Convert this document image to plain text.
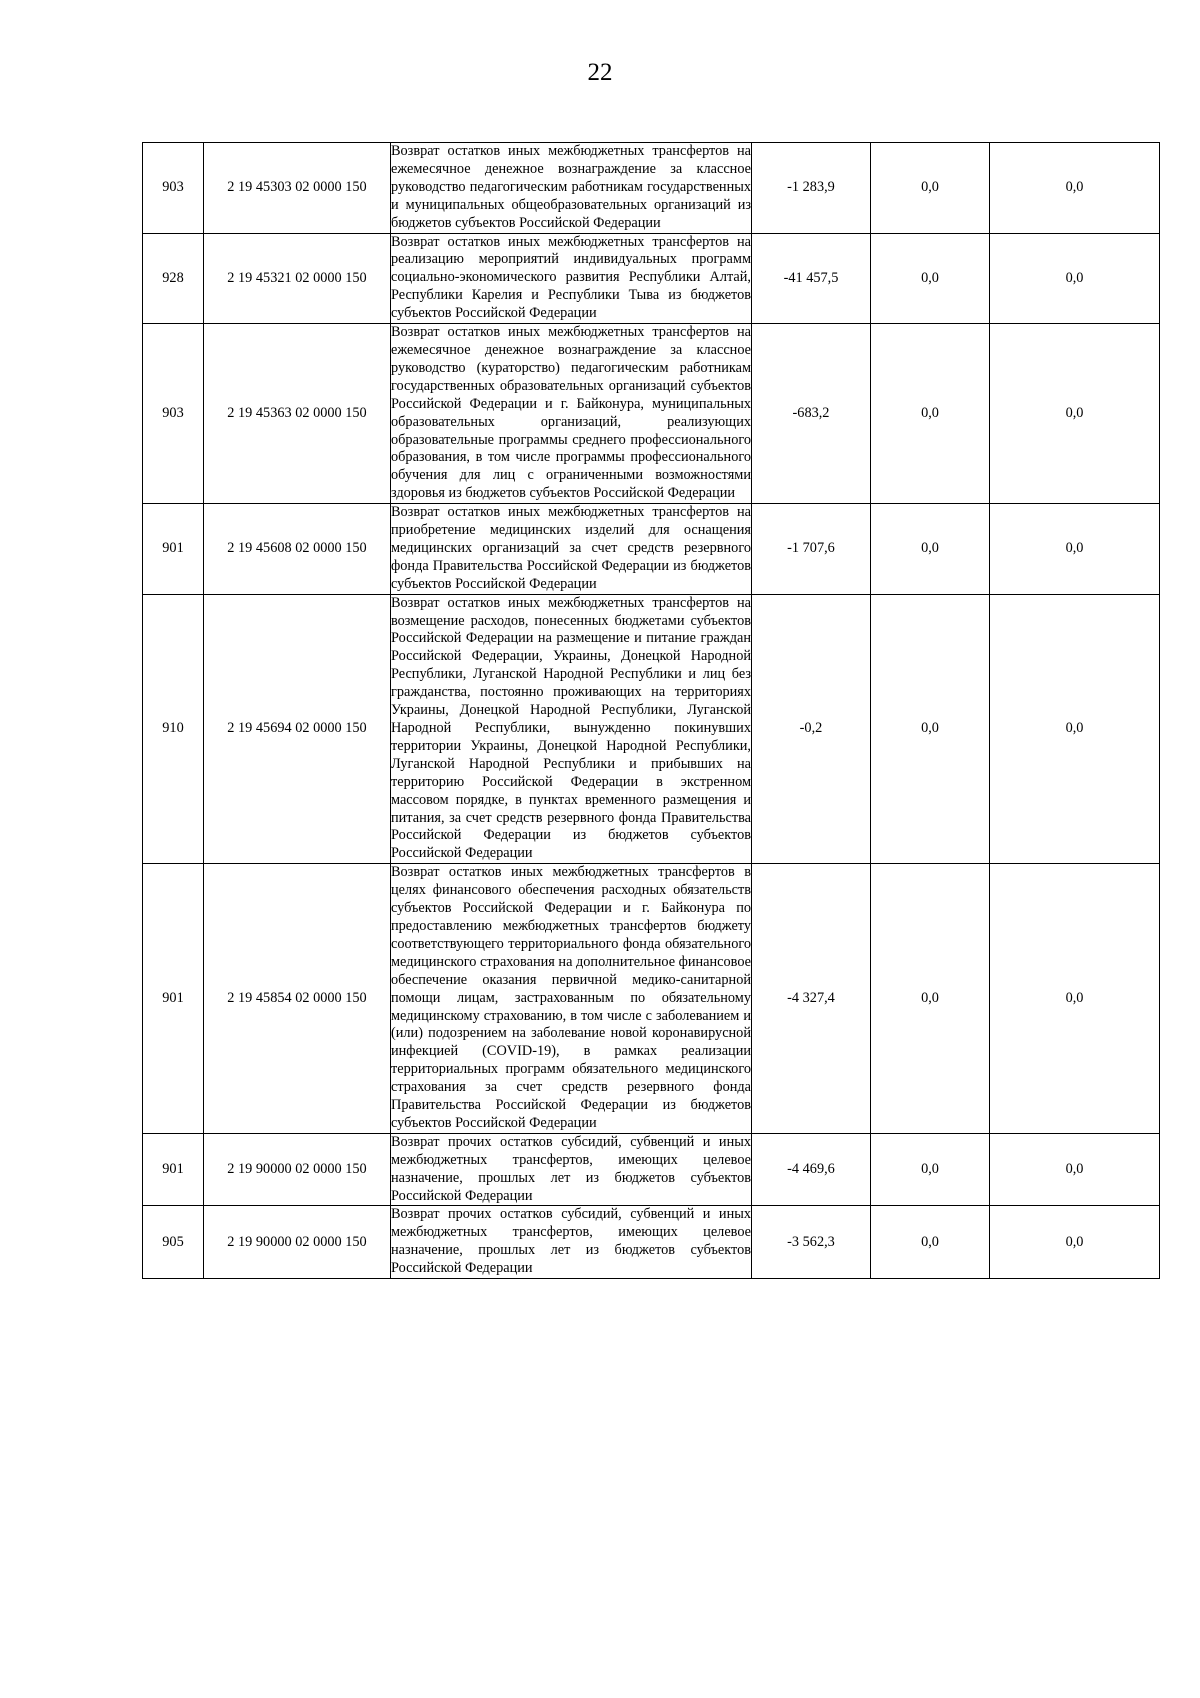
22
903	2 19 45303 02 0000 150	Возврат остатков иных межбюджетных трансфертов на ежемесячное денежное вознаграждение за классное руководство педагогическим работникам государственных и муниципальных общеобразовательных организаций из бюджетов субъектов Российской Федерации	-1 283,9	0,0	0,0
928	2 19 45321 02 0000 150	Возврат остатков иных межбюджетных трансфертов на реализацию мероприятий индивидуальных программ социально-экономического развития Республики Алтай, Республики Карелия и Республики Тыва из бюджетов субъектов Российской Федерации	-41 457,5	0,0	0,0
903	2 19 45363 02 0000 150	Возврат остатков иных межбюджетных трансфертов на ежемесячное денежное вознаграждение за классное руководство (кураторство) педагогическим работникам государственных образовательных организаций субъектов Российской Федерации и г. Байконура, муниципальных образовательных организаций, реализующих образовательные программы среднего профессионального образования, в том числе программы профессионального обучения для лиц с ограниченными возможностями здоровья из бюджетов субъектов Российской Федерации	-683,2	0,0	0,0
901	2 19 45608 02 0000 150	Возврат остатков иных межбюджетных трансфертов на приобретение медицинских изделий для оснащения медицинских организаций за счет средств резервного фонда Правительства Российской Федерации из бюджетов субъектов Российской Федерации	-1 707,6	0,0	0,0
910	2 19 45694 02 0000 150	Возврат остатков иных межбюджетных трансфертов на возмещение расходов, понесенных бюджетами субъектов Российской Федерации на размещение и питание граждан Российской Федерации, Украины, Донецкой Народной Республики, Луганской Народной Республики и лиц без гражданства, постоянно проживающих на территориях Украины, Донецкой Народной Республики, Луганской Народной Республики, вынужденно покинувших территории Украины, Донецкой Народной Республики, Луганской Народной Республики и прибывших на территорию Российской Федерации в экстренном массовом порядке, в пунктах временного размещения и питания, за счет средств резервного фонда Правительства Российской Федерации из бюджетов субъектов Российской Федерации	-0,2	0,0	0,0
901	2 19 45854 02 0000 150	Возврат остатков иных межбюджетных трансфертов в целях финансового обеспечения расходных обязательств субъектов Российской Федерации и г. Байконура по предоставлению межбюджетных трансфертов бюджету соответствующего территориального фонда обязательного медицинского страхования на дополнительное финансовое обеспечение оказания первичной медико-санитарной помощи лицам, застрахованным по обязательному медицинскому страхованию, в том числе с заболеванием и (или) подозрением на заболевание новой коронавирусной инфекцией (COVID-19), в рамках реализации территориальных программ обязательного медицинского страхования за счет средств резервного фонда Правительства Российской Федерации из бюджетов субъектов Российской Федерации	-4 327,4	0,0	0,0
901	2 19 90000 02 0000 150	Возврат прочих остатков субсидий, субвенций и иных межбюджетных трансфертов, имеющих целевое назначение, прошлых лет из бюджетов субъектов Российской Федерации	-4 469,6	0,0	0,0
905	2 19 90000 02 0000 150	Возврат прочих остатков субсидий, субвенций и иных межбюджетных трансфертов, имеющих целевое назначение, прошлых лет из бюджетов субъектов Российской Федерации	-3 562,3	0,0	0,0
